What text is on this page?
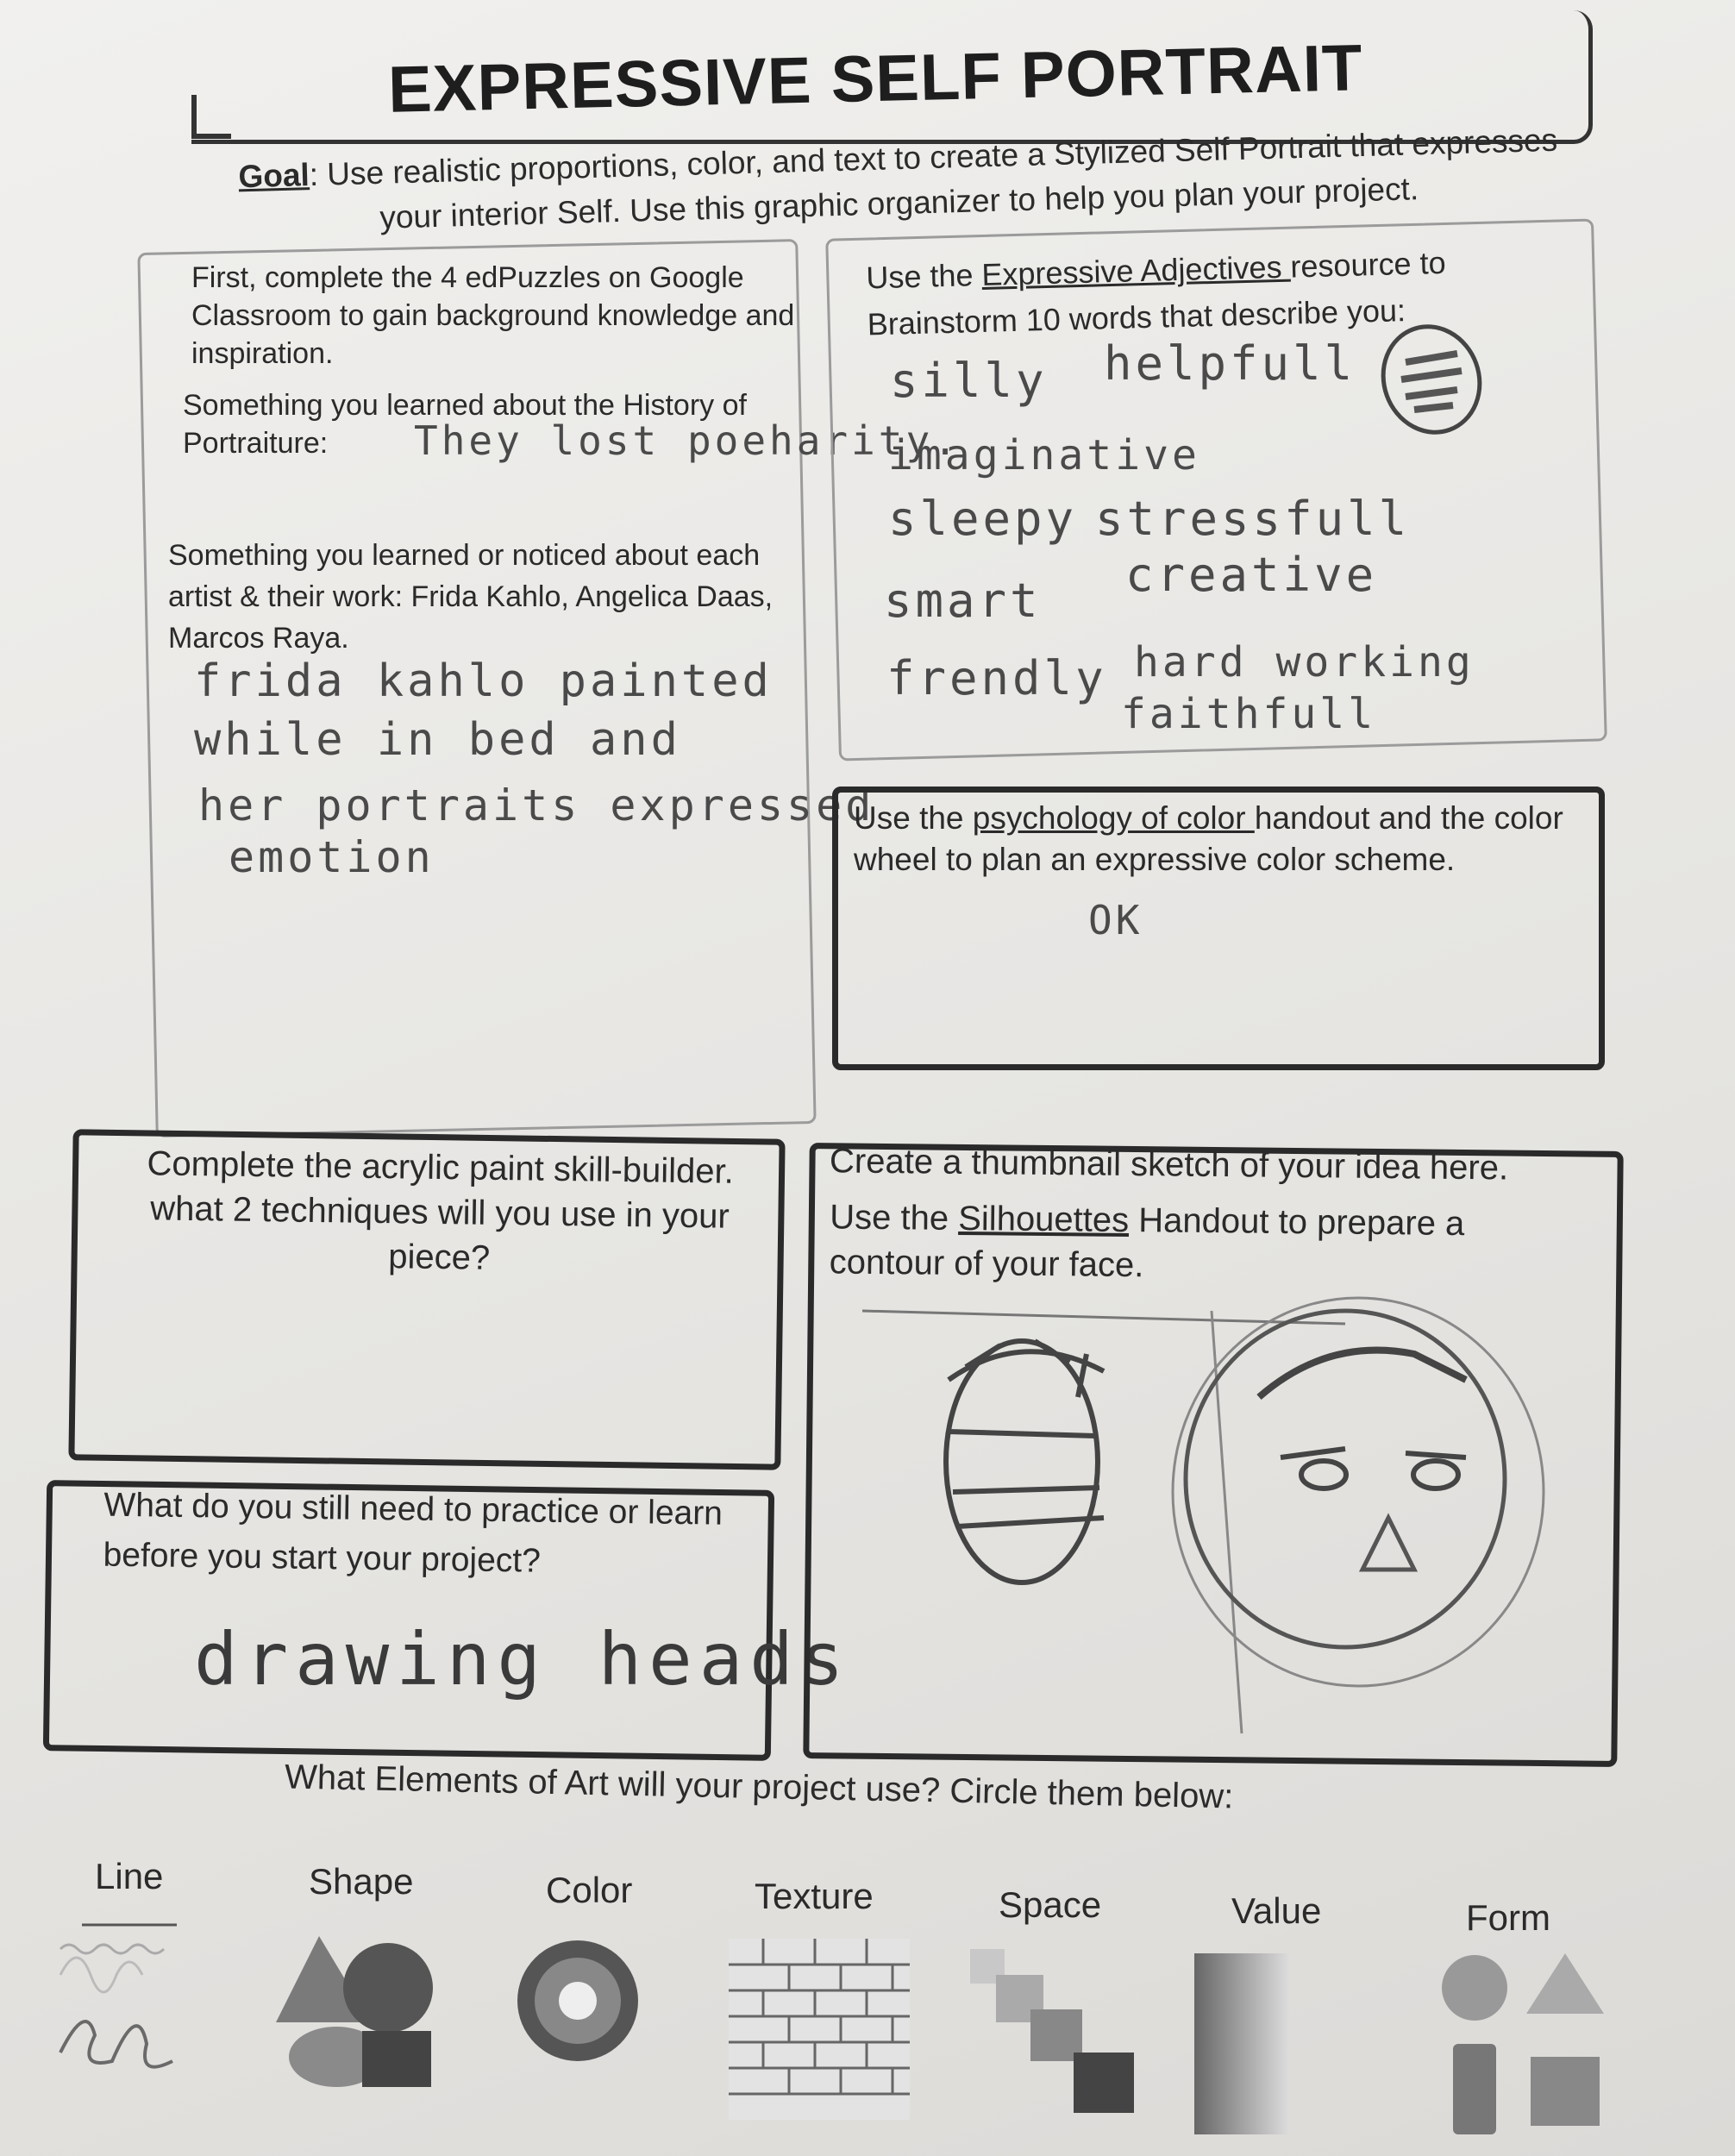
EXPRESSIVE SELF PORTRAIT
Goal: Use realistic proportions, color, and text to create a Stylized Self Portrait that expresses your interior Self. Use this graphic organizer to help you plan your project.
First, complete the 4 edPuzzles on Google Classroom to gain background knowledge and inspiration.
Something you learned about the History of Portraiture:	They lost poeharity.
Something you learned or noticed about each artist & their work: Frida Kahlo, Angelica Daas, Marcos Raya.
frida kahlo painted
while in bed and
her portraits expressed
emotion
Use the Expressive Adjectives resource to Brainstorm 10 words that describe you:
silly
imaginative
sleepy
smart
frendly
helpfull
stressfull
creative
hard working
faithfull
Use the psychology of color handout and the color wheel to plan an expressive color scheme.
OK
Complete the acrylic paint skill-builder. what 2 techniques will you use in your piece?
What do you still need to practice or learn before you start your project?
drawing heads
Create a thumbnail sketch of your idea here.
Use the Silhouettes Handout to prepare a contour of your face.
What Elements of Art will your project use? Circle them below:
Line	Shape	Color	Texture	Space	Value	Form
